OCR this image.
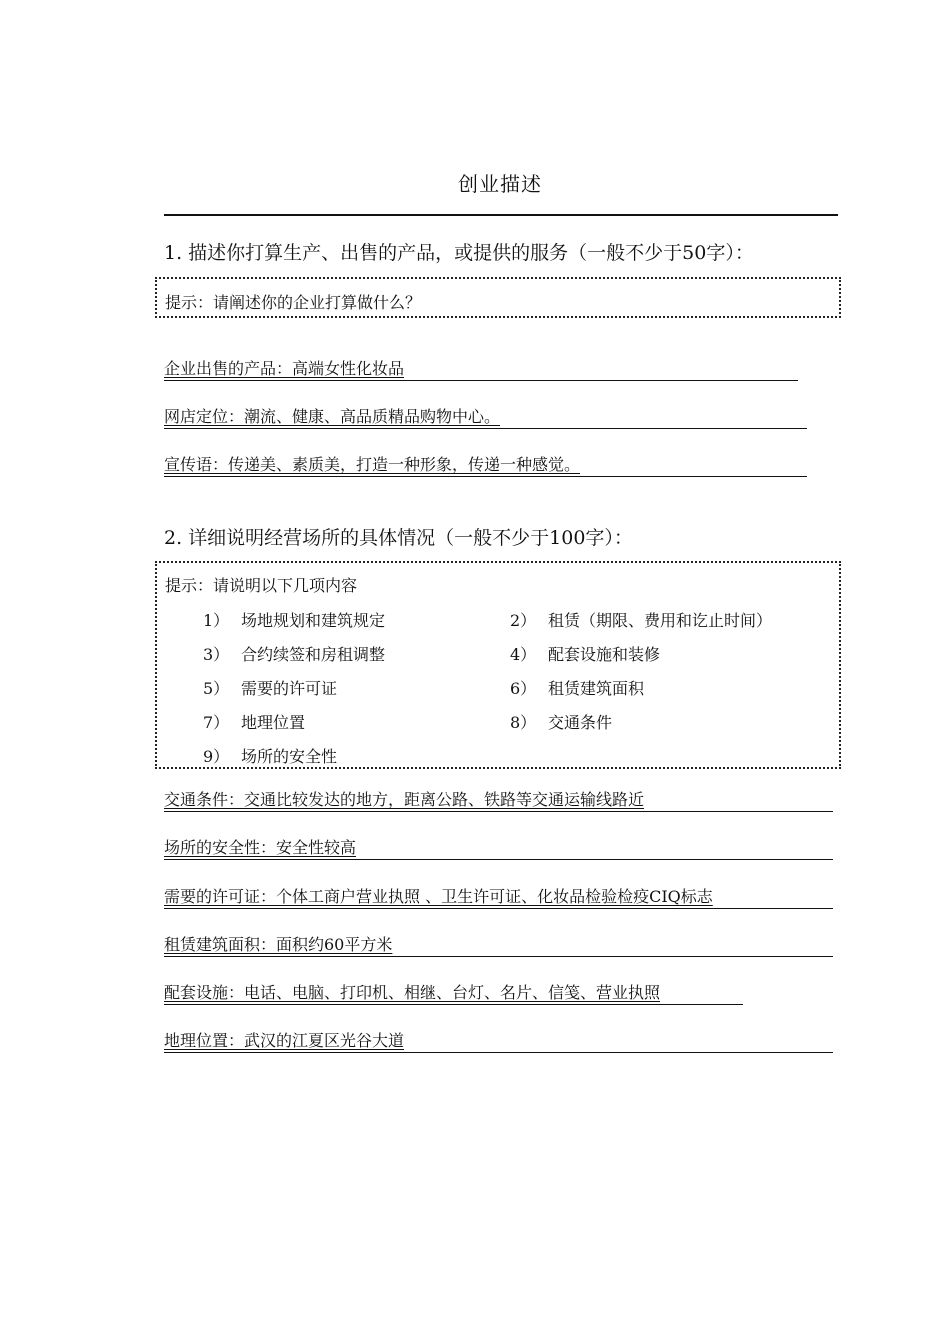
创业描述
1. 描述你打算生产、出售的产品，或提供的服务（一般不少于50字）：
提示：请阐述你的企业打算做什么？
企业出售的产品：高端女性化妆品
网店定位：潮流、健康、高品质精品购物中心。
宣传语：传递美、素质美，打造一种形象，传递一种感觉。
2. 详细说明经营场所的具体情况（一般不少于100字）：
提示：请说明以下几项内容
1） 场地规划和建筑规定	2） 租赁（期限、费用和讫止时间）
3） 合约续签和房租调整	4） 配套设施和装修
5） 需要的许可证	6） 租赁建筑面积
7） 地理位置	8） 交通条件
9） 场所的安全性
交通条件：交通比较发达的地方，距离公路、铁路等交通运输线路近
场所的安全性：安全性较高
需要的许可证：个体工商户营业执照 、卫生许可证、化妆品检验检疫CIQ标志
租赁建筑面积：面积约60平方米
配套设施：电话、电脑、打印机、相继、台灯、名片、信笺、营业执照
地理位置：武汉的江夏区光谷大道
